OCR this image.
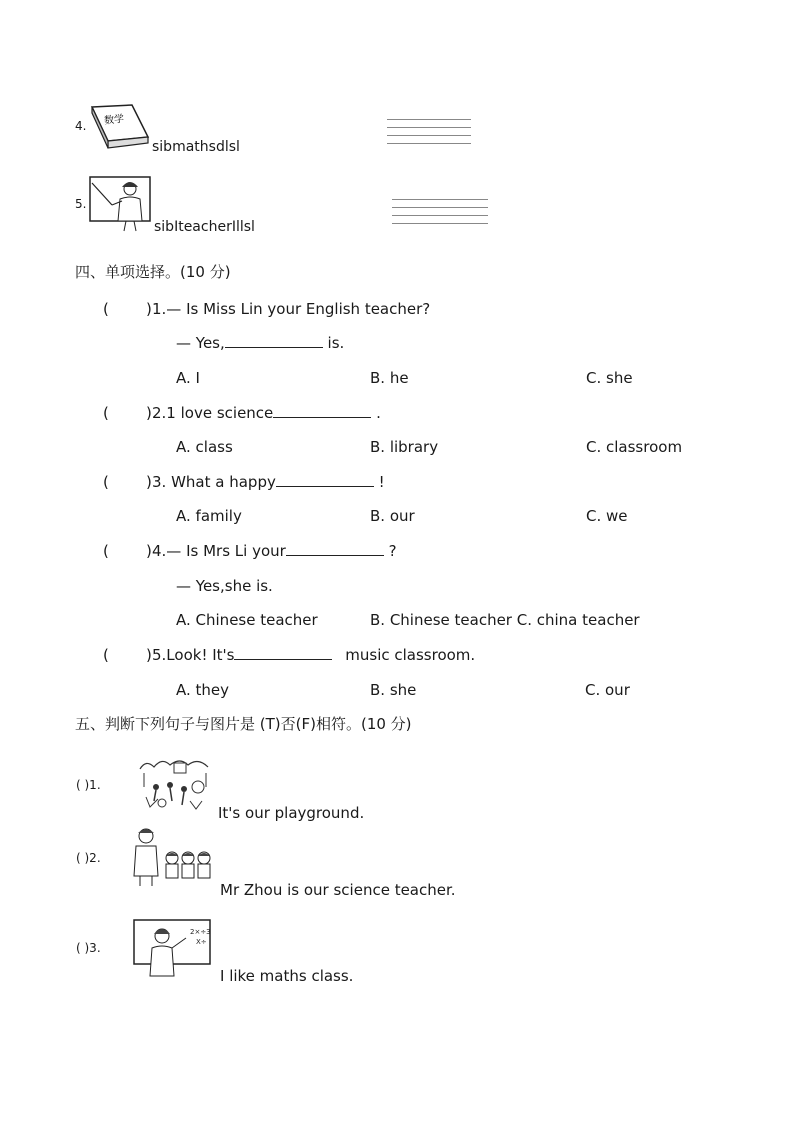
4. 数学
sibmathsdlsl
5.
sibIteacherIllsl
四、单项选择。(10 分)
( ) 1.— Is Miss Lin your English teacher?
— Yes,	is.
A. I	B. he	C. she
( ) 2.1 love science	.
A. class	B. library	C. classroom
( ) 3. What a happy	!
A. family	B. our	C. we
( ) 4.— Is Mrs Li your	?
— Yes,she is.
A. Chinese teacher	B. Chinese teacher C. china teacher
( ) 5.Look! It's	music classroom.
A. they	B. she	C. our
五、判断下列句子与图片是 (T)否(F)相符。(10 分)
( )1.
It's our playground.
( )2.
Mr Zhou is our science teacher.
( )3.
2×÷3
X÷
I like maths class.
